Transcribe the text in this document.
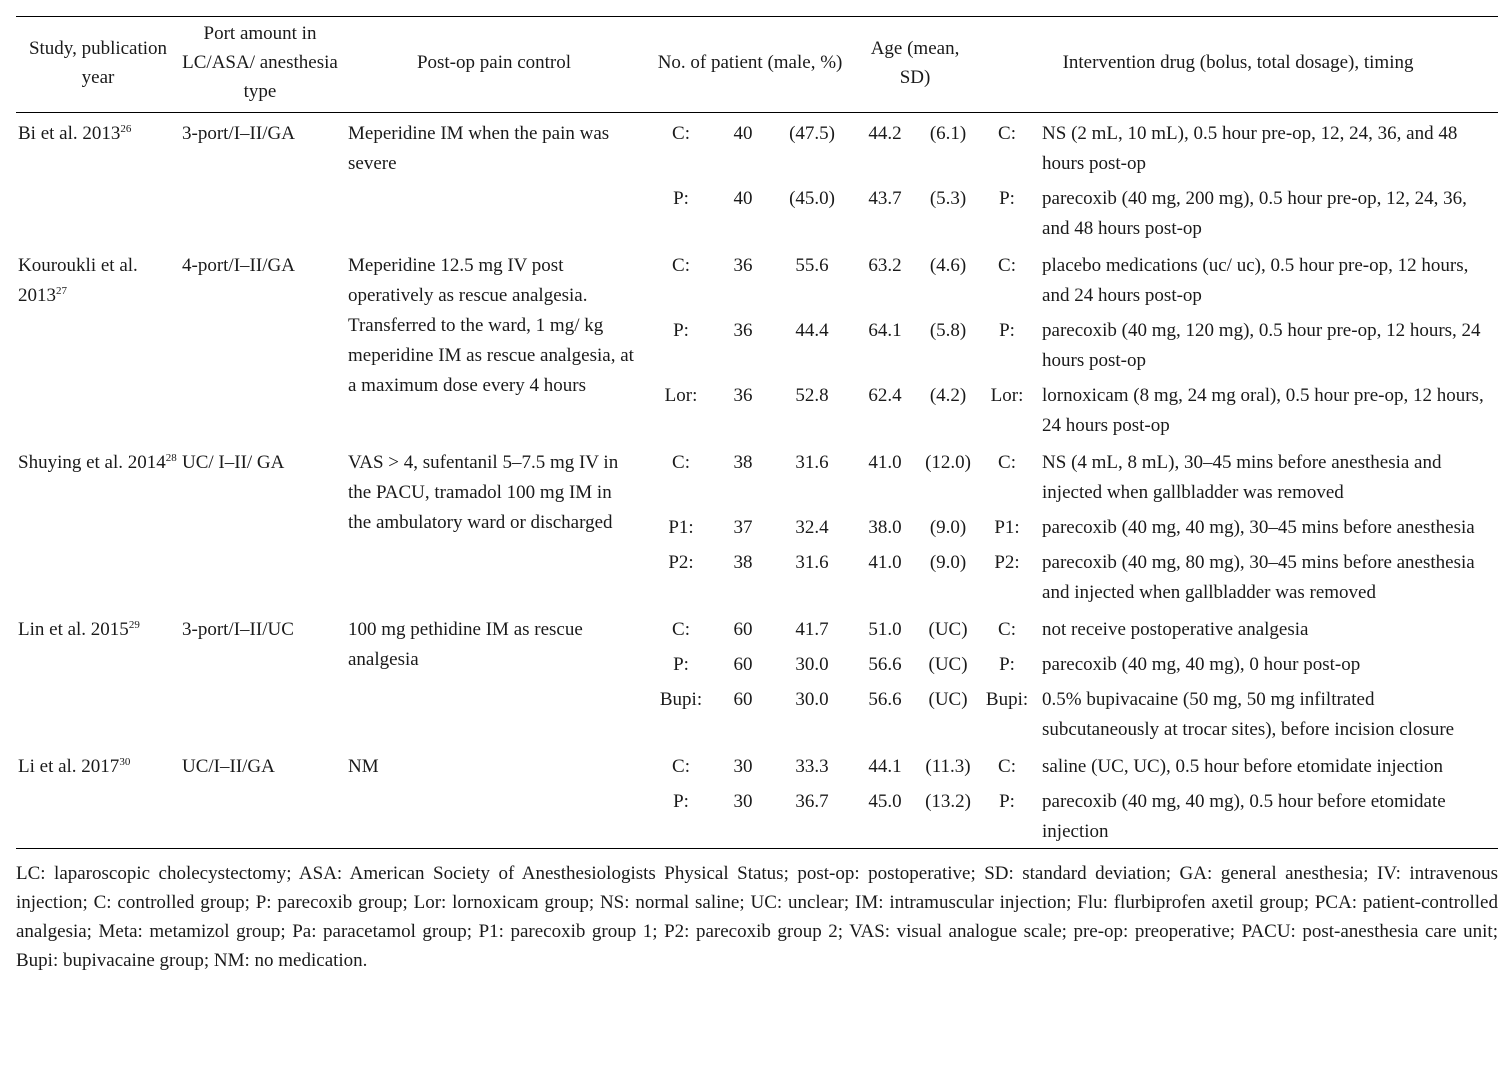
Study, publication year	Port amount in LC/ASA/ anesthesia type	Post-op pain control	No. of patient (male, %)			Age (mean, SD)		Intervention drug (bolus, total dosage), timing	
Bi et al. 2013$^{26}$	3-port/I–II/GA	Meperidine IM when the pain was severe	C:	40	(47.5)	44.2	(6.1)	C:	NS (2 mL, 10 mL), 0.5 hour pre-op, 12, 24, 36, and 48 hours post-op
			P:	40	(45.0)	43.7	(5.3)	P:	parecoxib (40 mg, 200 mg), 0.5 hour pre-op, 12, 24, 36, and 48 hours post-op
Kouroukli et al. 2013$^{27}$	4-port/I–II/GA	Meperidine 12.5 mg IV post operatively as rescue analgesia. Transferred to the ward, 1 mg/ kg meperidine IM as rescue analgesia, at a maximum dose every 4 hours	C:	36	55.6	63.2	(4.6)	C:	placebo medications (uc/ uc), 0.5 hour pre-op, 12 hours, and 24 hours post-op
			P:	36	44.4	64.1	(5.8)	P:	parecoxib (40 mg, 120 mg), 0.5 hour pre-op, 12 hours, 24 hours post-op
			Lor:	36	52.8	62.4	(4.2)	Lor:	lornoxicam (8 mg, 24 mg oral), 0.5 hour pre-op, 12 hours, 24 hours post-op
Shuying et al. 2014$^{28}$	UC/ I–II/ GA	VAS > 4, sufentanil 5–7.5 mg IV in the PACU, tramadol 100 mg IM in the ambulatory ward or discharged	C:	38	31.6	41.0	(12.0)	C:	NS (4 mL, 8 mL), 30–45 mins before anesthesia and injected when gallbladder was removed
			P1:	37	32.4	38.0	(9.0)	P1:	parecoxib (40 mg, 40 mg), 30–45 mins before anesthesia
			P2:	38	31.6	41.0	(9.0)	P2:	parecoxib (40 mg, 80 mg), 30–45 mins before anesthesia and injected when gallbladder was removed
Lin et al. 2015$^{29}$	3-port/I–II/UC	100 mg pethidine IM as rescue analgesia	C:	60	41.7	51.0	(UC)	C:	not receive postoperative analgesia
			P:	60	30.0	56.6	(UC)	P:	parecoxib (40 mg, 40 mg), 0 hour post-op
			Bupi:	60	30.0	56.6	(UC)	Bupi:	0.5% bupivacaine (50 mg, 50 mg infiltrated subcutaneously at trocar sites), before incision closure
Li et al. 2017$^{30}$	UC/I–II/GA	NM	C:	30	33.3	44.1	(11.3)	C:	saline (UC, UC), 0.5 hour before etomidate injection
			P:	30	36.7	45.0	(13.2)	P:	parecoxib (40 mg, 40 mg), 0.5 hour before etomidate injection

LC: laparoscopic cholecystectomy; ASA: American Society of Anesthesiologists Physical Status; post-op: postoperative; SD: standard deviation; GA: general anesthesia; IV: intravenous injection; C: controlled group; P: parecoxib group; Lor: lornoxicam group; NS: normal saline; UC: unclear; IM: intramuscular injection; Flu: flurbiprofen axetil group; PCA: patient-controlled analgesia; Meta: metamizol group; Pa: paracetamol group; P1: parecoxib group 1; P2: parecoxib group 2; VAS: visual analogue scale; pre-op: preoperative; PACU: post-anesthesia care unit; Bupi: bupivacaine group; NM: no medication.
